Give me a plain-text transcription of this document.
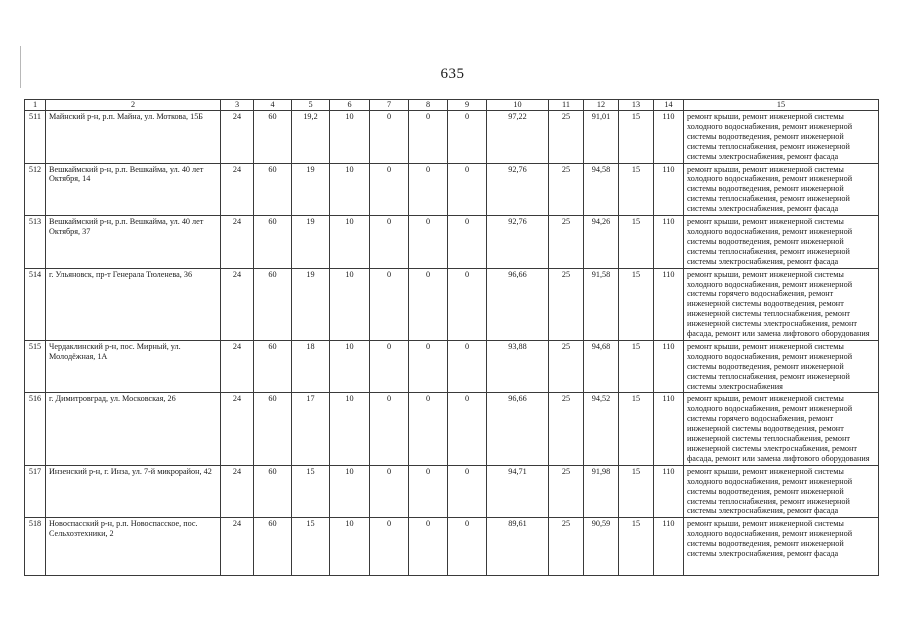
635
1	2	3	4	5	6	7	8	9	10	11	12	13	14	15
511	Майнский р-н, р.п. Майна, ул. Моткова, 15Б	24	60	19,2	10	0	0	0	97,22	25	91,01	15	110	ремонт крыши, ремонт инженерной системы холодного водоснабжения, ремонт инженерной системы водоотведения, ремонт инженерной системы теплоснабжения, ремонт инженерной системы электроснабжения, ремонт фасада
512	Вешкаймский р-н, р.п. Вешкайма, ул. 40 лет Октября, 14	24	60	19	10	0	0	0	92,76	25	94,58	15	110	ремонт крыши, ремонт инженерной системы холодного водоснабжения, ремонт инженерной системы водоотведения, ремонт инженерной системы теплоснабжения, ремонт инженерной системы электроснабжения, ремонт фасада
513	Вешкаймский р-н, р.п. Вешкайма, ул. 40 лет Октября, 37	24	60	19	10	0	0	0	92,76	25	94,26	15	110	ремонт крыши, ремонт инженерной системы холодного водоснабжения, ремонт инженерной системы водоотведения, ремонт инженерной системы теплоснабжения, ремонт инженерной системы электроснабжения, ремонт фасада
514	г. Ульяновск, пр-т Генерала Тюленева, 36	24	60	19	10	0	0	0	96,66	25	91,58	15	110	ремонт крыши, ремонт инженерной системы холодного водоснабжения, ремонт инженерной системы горячего водоснабжения, ремонт инженерной системы водоотведения, ремонт инженерной системы теплоснабжения, ремонт инженерной системы электроснабжения, ремонт фасада, ремонт или замена лифтового оборудования
515	Чердаклинский р-н, пос. Мирный, ул. Молодёжная, 1А	24	60	18	10	0	0	0	93,88	25	94,68	15	110	ремонт крыши, ремонт инженерной системы холодного водоснабжения, ремонт инженерной системы водоотведения, ремонт инженерной системы теплоснабжения, ремонт инженерной системы электроснабжения
516	г. Димитровград, ул. Московская, 26	24	60	17	10	0	0	0	96,66	25	94,52	15	110	ремонт крыши, ремонт инженерной системы холодного водоснабжения, ремонт инженерной системы горячего водоснабжения, ремонт инженерной системы водоотведения, ремонт инженерной системы теплоснабжения, ремонт инженерной системы электроснабжения, ремонт фасада, ремонт или замена лифтового оборудования
517	Инзенский р-н, г. Инза, ул. 7-й микрорайон, 42	24	60	15	10	0	0	0	94,71	25	91,98	15	110	ремонт крыши, ремонт инженерной системы холодного водоснабжения, ремонт инженерной системы водоотведения, ремонт инженерной системы теплоснабжения, ремонт инженерной системы электроснабжения, ремонт фасада
518	Новоспасский р-н, р.п. Новоспасское, пос. Сельхозтехники, 2	24	60	15	10	0	0	0	89,61	25	90,59	15	110	ремонт крыши, ремонт инженерной системы холодного водоснабжения, ремонт инженерной системы водоотведения, ремонт инженерной системы электроснабжения, ремонт фасада
